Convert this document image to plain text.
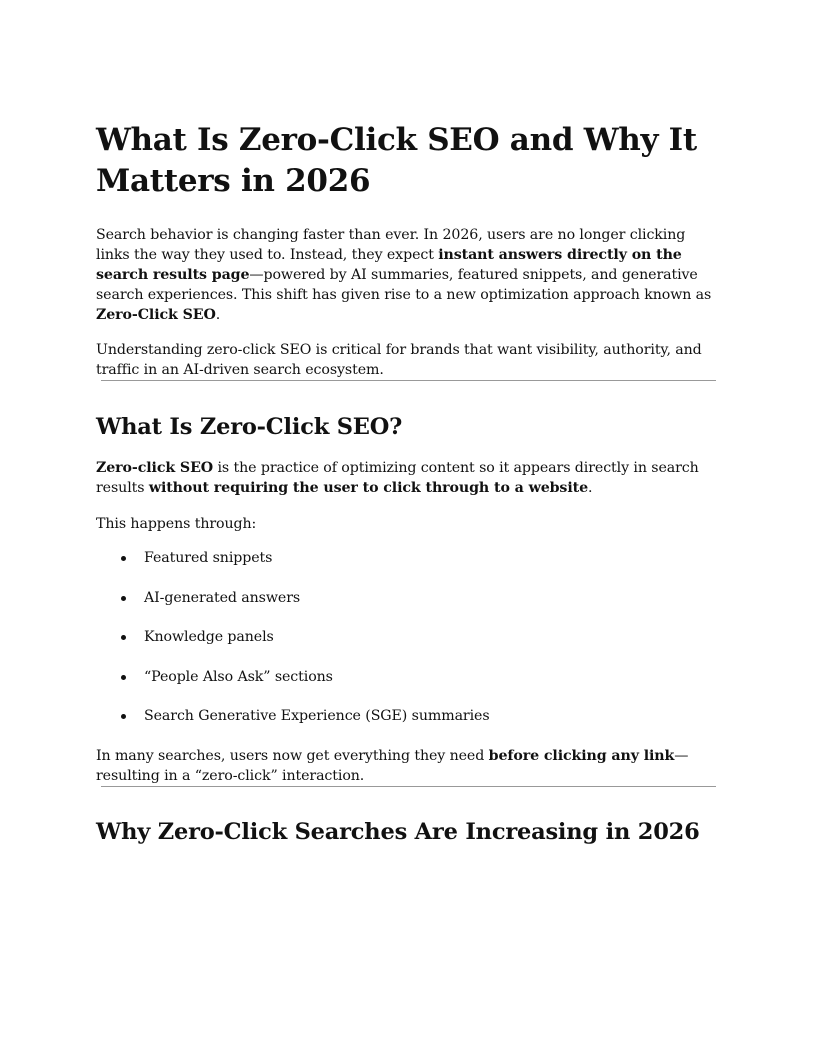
What Is Zero-Click SEO and Why It Matters in 2026

Search behavior is changing faster than ever. In 2026, users are no longer clicking links the way they used to. Instead, they expect instant answers directly on the search results page—powered by AI summaries, featured snippets, and generative search experiences. This shift has given rise to a new optimization approach known as Zero-Click SEO.

Understanding zero-click SEO is critical for brands that want visibility, authority, and traffic in an AI-driven search ecosystem.

What Is Zero-Click SEO?

Zero-click SEO is the practice of optimizing content so it appears directly in search results without requiring the user to click through to a website.

This happens through:

Featured snippets
AI-generated answers
Knowledge panels
“People Also Ask” sections
Search Generative Experience (SGE) summaries

In many searches, users now get everything they need before clicking any link—resulting in a “zero-click” interaction.

Why Zero-Click Searches Are Increasing in 2026
